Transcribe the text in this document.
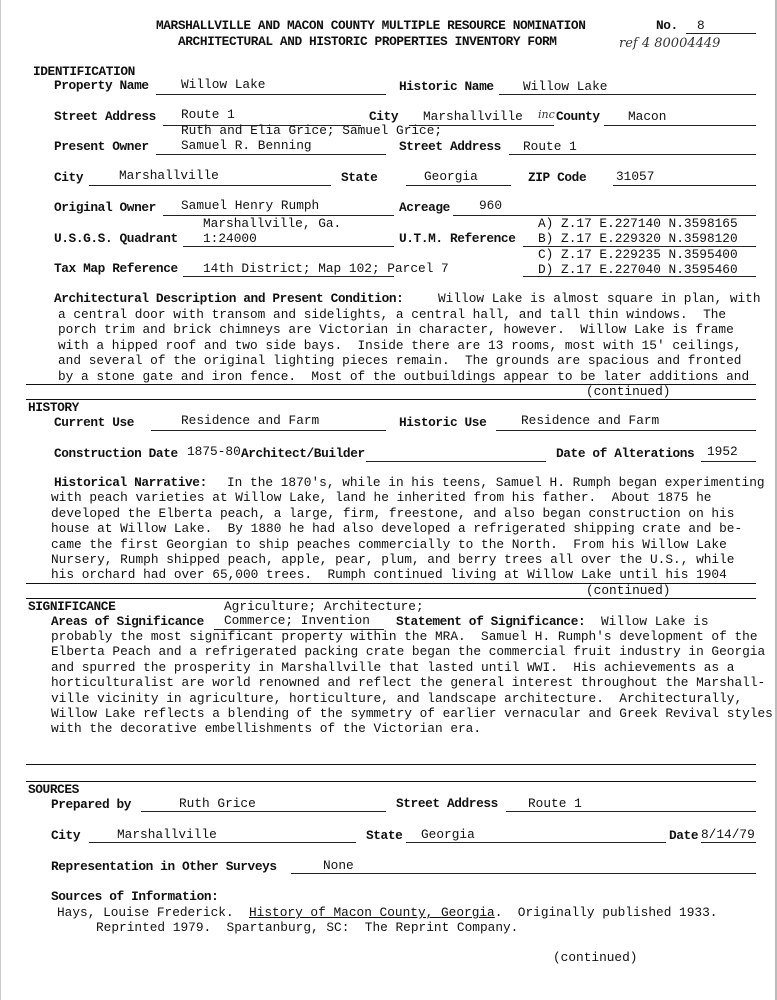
MARSHALLVILLE AND MACON COUNTY MULTIPLE RESOURCE NOMINATION
ARCHITECTURAL AND HISTORIC PROPERTIES INVENTORY FORM
No. 8
ref 4 80004449
IDENTIFICATION
Property Name	Willow Lake	Historic Name Willow Lake
Street Address Route 1	City Marshallville inc County Macon
Ruth and Elia Grice; Samuel Grice;
Present Owner	Samuel R. Benning	Street Address Route 1
City	Marshallville	State	Georgia	ZIP Code 31057
Original Owner Samuel Henry Rumph	Acreage 960
Marshallville, Ga.
U.S.G.S. Quadrant 1:24000	U.T.M. Reference
A) Z.17 E.227140 N.3598165
B) Z.17 E.229320 N.3598120
C) Z.17 E.229235 N.3595400
Tax Map Reference 14th District; Map 102; Parcel 7	D) Z.17 E.227040 N.3595460
Architectural Description and Present Condition:	Willow Lake is almost square in plan, with
a central door with transom and sidelights, a central hall, and tall thin windows.  The
porch trim and brick chimneys are Victorian in character, however.  Willow Lake is frame
with a hipped roof and two side bays.  Inside there are 13 rooms, most with 15' ceilings,
and several of the original lighting pieces remain.  The grounds are spacious and fronted
by a stone gate and iron fence.  Most of the outbuildings appear to be later additions and
(continued)
HISTORY
Current Use	Residence and Farm	Historic Use	Residence and Farm
Construction Date 1875-80 Architect/Builder	Date of Alterations 1952
Historical Narrative: In the 1870's, while in his teens, Samuel H. Rumph began experimenting
with peach varieties at Willow Lake, land he inherited from his father.  About 1875 he
developed the Elberta peach, a large, firm, freestone, and also began construction on his
house at Willow Lake.  By 1880 he had also developed a refrigerated shipping crate and be-
came the first Georgian to ship peaches commercially to the North.  From his Willow Lake
Nursery, Rumph shipped peach, apple, pear, plum, and berry trees all over the U.S., while
his orchard had over 65,000 trees.  Rumph continued living at Willow Lake until his 1904
(continued)
SIGNIFICANCE	Agriculture; Architecture;
Areas of Significance Commerce; Invention Statement of Significance: Willow Lake is
probably the most significant property within the MRA.  Samuel H. Rumph's development of the
Elberta Peach and a refrigerated packing crate began the commercial fruit industry in Georgia
and spurred the prosperity in Marshallville that lasted until WWI.  His achievements as a
horticulturalist are world renowned and reflect the general interest throughout the Marshall-
ville vicinity in agriculture, horticulture, and landscape architecture.  Architecturally,
Willow Lake reflects a blending of the symmetry of earlier vernacular and Greek Revival styles
with the decorative embellishments of the Victorian era.
SOURCES
Prepared by	Ruth Grice	Street Address Route 1
City	Marshallville	State Georgia	Date 8/14/79
Representation in Other Surveys	None
Sources of Information:
Hays, Louise Frederick.  History of Macon County, Georgia.  Originally published 1933.
Reprinted 1979.  Spartanburg, SC:  The Reprint Company.
(continued)
